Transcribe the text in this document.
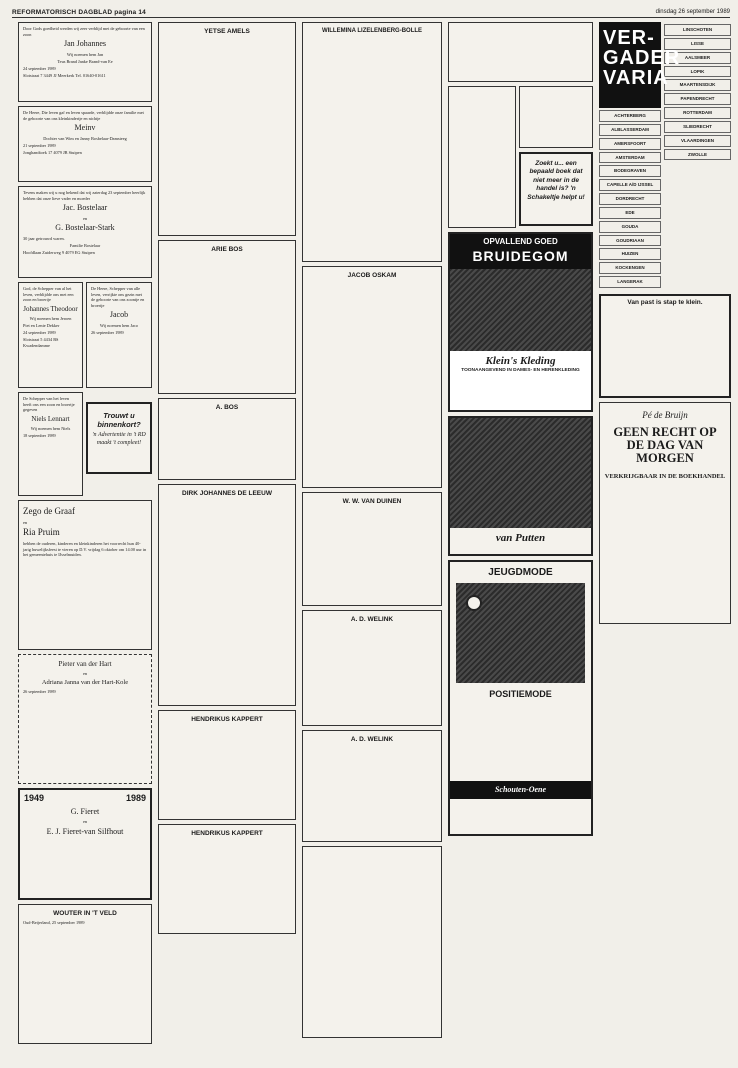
REFORMATORISCH DAGBLAD pagina 14	dinsdag 26 september 1989

Door Gods goedheid werden wij zeer verblijd met de geboorte van een zoon

Jan Johannes

Wij noemen hem Jan

Teus Brand Janke Brand-van Ee

24 september 1989

Slotstraat 7 3449 JJ Meerkerk Tel. 01640-01611

De Heere, Die leven gaf en leven spaarde, verblijdde onze familie met de geboorte van ons kleinkindertje en nichtje

Meinv

Dochter van Wim en Janny Bosbelaar-Damsteeg

21 september 1989

Jonghandtoek 17 4079 JB Stuipen

Tevens maken wij u nog bekend dat wij zaterdag 23 september heerlijk hebben dat onze lieve vader en moeder

Jac. Bostelaar

en

G. Bostelaar-Stark

30 jaar getrouwd waren.

Familie Bostelaar

Hoofdlaan Zuiderweg 9 4079 EG Stuipen

God, de Schepper van al het leven, verblijdde ons met een zoon en broertje

Johannes Theodoor

Wij noemen hem Jeroen

Piet en Lenie Dekker

24 september 1989

Slotstraat 5 4434 BS Kwadendamme

De Heere, Schepper van alle leven, verrijkte ons gezin met de geboorte van ons zoontje en broertje

Jacob

Wij noemen hem Jaco

26 september 1989

De Schepper van het leven heeft ons een zoon en broertje gegeven

Niels Lennart

Wij noemen hem Niels

18 september 1989

Trouwt u binnenkort?
'n Advertentie in 't RD maakt 't compleet!
Zego de Graaf

en

Ria Pruim

hebben de ouderen, kinderen en kleinkinderen het voorrecht hun 40-jarig huwelijksfeest te vieren op D.V. vrijdag 6 oktober om 14.00 uur in het gemeentehuis te IJsselmuiden.

Pieter van der Hart

en

Adriana Janna van der Hart-Kole

26 september 1989

1949	1989
G. Fieret

en

E. J. Fieret-van Silfhout
WOUTER IN 'T VELD

Oud-Beijerland, 25 september 1989

YETSE AMELS
ARIE BOS
A. BOS
DIRK JOHANNES DE LEEUW
HENDRIKUS KAPPERT
HENDRIKUS KAPPERT
WILLEMINA LIZELENBERG-BOLLE
JACOB OSKAM
W. W. VAN DUINEN
A. D. WELINK
A. D. WELINK
Zoekt u... een bepaald boek dat niet meer in de handel is? 'n Schakeltje helpt u!
OPVALLEND GOED
BRUIDEGOM
Klein's Kleding
TOONAANGEVEND IN DAMES- EN HERENKLEDING
van Putten
JEUGDMODE
POSITIEMODE
Schouten-Oene
VER-
GADER
VARIA
ACHTERBERG
ALBLASSERDAM
AMERSFOORT
AMSTERDAM
BODEGRAVEN
CAPELLE A/D IJSSEL
DORDRECHT
EDE
GOUDA
GOUDRIAAN
HUIZEN
KOCKENGEN
LANGERAK
LINSCHOTEN
LISSE
AALSMEER
LOPIK
MAARTENSDIJK
PAPENDRECHT
ROTTERDAM
SLIEDRECHT
VLAARDINGEN
ZWOLLE
Van past is stap te klein.
Pé de Bruijn
GEEN RECHT OP DE DAG VAN MORGEN
VERKRIJGBAAR IN DE BOEKHANDEL
